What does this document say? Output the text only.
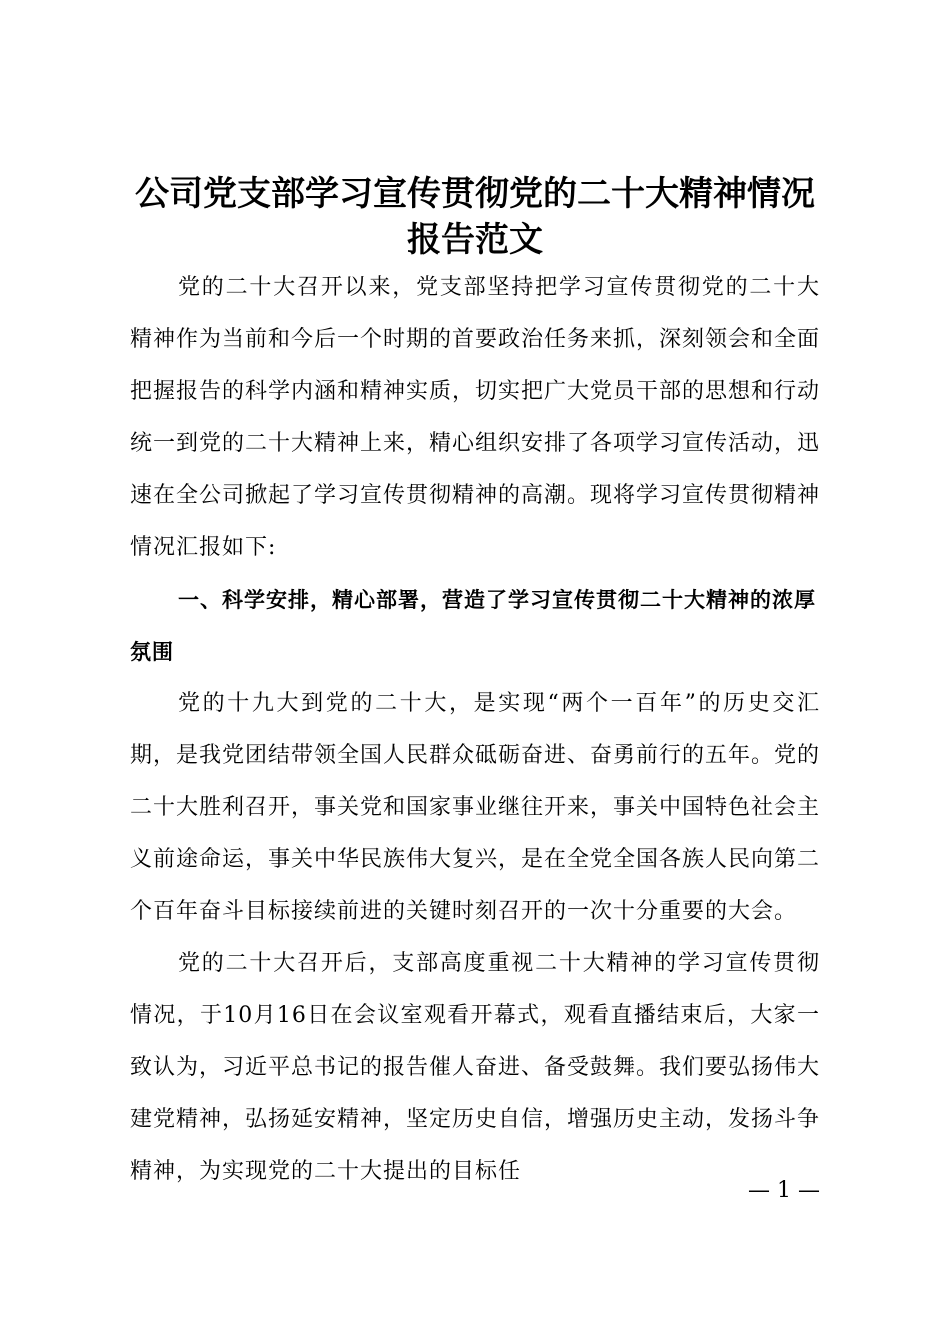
公司党支部学习宣传贯彻党的二十大精神情况
报告范文

党的二十大召开以来，党支部坚持把学习宣传贯彻党的二十大精神作为当前和今后一个时期的首要政治任务来抓，深刻领会和全面把握报告的科学内涵和精神实质，切实把广大党员干部的思想和行动统一到党的二十大精神上来，精心组织安排了各项学习宣传活动，迅速在全公司掀起了学习宣传贯彻精神的高潮。现将学习宣传贯彻精神情况汇报如下:

一、科学安排，精心部署，营造了学习宣传贯彻二十大精神的浓厚氛围

党的十九大到党的二十大，是实现“两个一百年”的历史交汇期，是我党团结带领全国人民群众砥砺奋进、奋勇前行的五年。党的二十大胜利召开，事关党和国家事业继往开来，事关中国特色社会主义前途命运，事关中华民族伟大复兴，是在全党全国各族人民向第二个百年奋斗目标接续前进的关键时刻召开的一次十分重要的大会。

党的二十大召开后，支部高度重视二十大精神的学习宣传贯彻情况，于10月16日在会议室观看开幕式，观看直播结束后，大家一致认为，习近平总书记的报告催人奋进、备受鼓舞。我们要弘扬伟大建党精神，弘扬延安精神，坚定历史自信，增强历史主动，发扬斗争精神，为实现党的二十大提出的目标任

— 1 —
